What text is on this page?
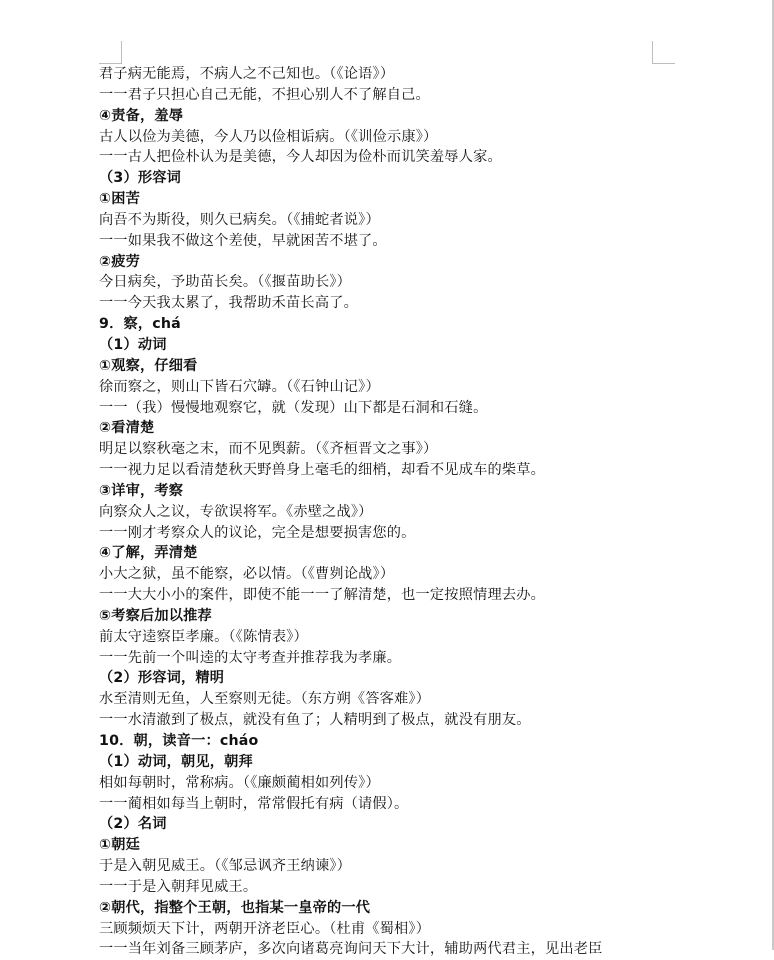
君子病无能焉，不病人之不己知也。（《论语》）
一一君子只担心自己无能，不担心别人不了解自己。
④责备，羞辱
古人以俭为美德，今人乃以俭相诟病。（《训俭示康》）
一一古人把俭朴认为是美德，今人却因为俭朴而讥笑羞辱人家。
（3）形容词
①困苦
向吾不为斯役，则久已病矣。（《捕蛇者说》）
一一如果我不做这个差使，早就困苦不堪了。
②疲劳
今日病矣，予助苗长矣。（《揠苗助长》）
一一今天我太累了，我帮助禾苗长高了。
9．察，chá
（1）动词
①观察，仔细看
徐而察之，则山下皆石穴罅。（《石钟山记》）
一一（我）慢慢地观察它，就（发现）山下都是石洞和石缝。
②看清楚
明足以察秋毫之末，而不见舆薪。（《齐桓晋文之事》）
一一视力足以看清楚秋天野兽身上毫毛的细梢，却看不见成车的柴草。
③详审，考察
向察众人之议，专欲误将军。《赤壁之战》）
一一刚才考察众人的议论，完全是想要损害您的。
④了解，弄清楚
小大之狱，虽不能察，必以情。（《曹刿论战》）
一一大大小小的案件，即使不能一一了解清楚，也一定按照情理去办。
⑤考察后加以推荐
前太守逵察臣孝廉。（《陈情表》）
一一先前一个叫逵的太守考查并推荐我为孝廉。
（2）形容词，精明
水至清则无鱼，人至察则无徒。（东方朔《答客难》）
一一水清澈到了极点，就没有鱼了；人精明到了极点，就没有朋友。
10．朝，读音一：cháo
（1）动词，朝见，朝拜
相如每朝时，常称病。（《廉颇蔺相如列传》）
一一蔺相如每当上朝时，常常假托有病（请假）。
（2）名词
①朝廷
于是入朝见威王。（《邹忌讽齐王纳谏》）
一一于是入朝拜见威王。
②朝代，指整个王朝，也指某一皇帝的一代
三顾频烦天下计，两朝开济老臣心。（杜甫《蜀相》）
一一当年刘备三顾茅庐，多次向诸葛亮询问天下大计，辅助两代君主，见出老臣
